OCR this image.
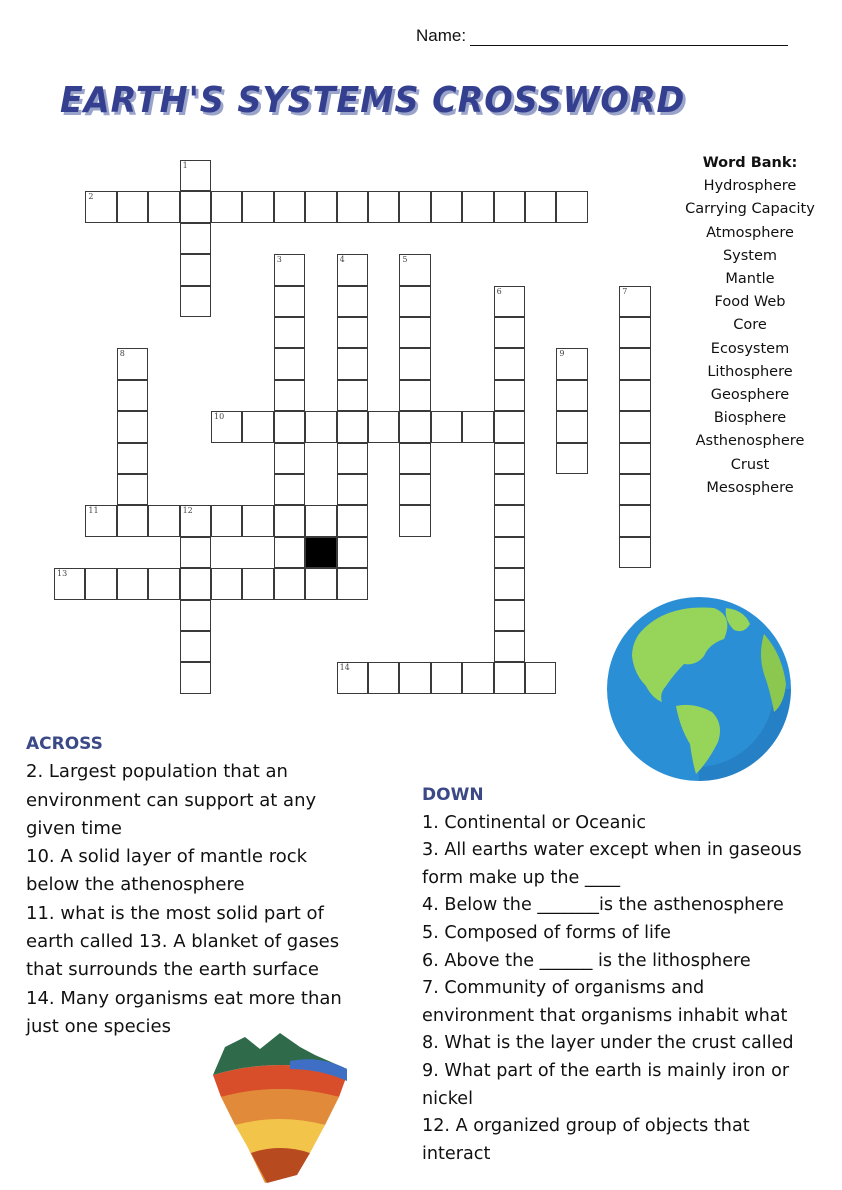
Name:
EARTH'S SYSTEMS CROSSWORD
1
2
3	4	5
6	7
8	9
10
11	12
13
14
Word Bank:
Hydrosphere
Carrying Capacity
Atmosphere
System
Mantle
Food Web
Core
Ecosystem
Lithosphere
Geosphere
Biosphere
Asthenosphere
Crust
Mesosphere
ACROSS
2. Largest population that an
environment can support at any
given time
10. A solid layer of mantle rock
below the athenosphere
11. what is the most solid part of
earth called 13. A blanket of gases
that surrounds the earth surface
14. Many organisms eat more than
just one species
DOWN
1. Continental or Oceanic
3. All earths water except when in gaseous
form make up the ____
4. Below the _______is the asthenosphere
5. Composed of forms of life
6. Above the ______ is the lithosphere
7. Community of organisms and
environment that organisms inhabit what
8. What is the layer under the crust called
9. What part of the earth is mainly iron or
nickel
12. A organized group of objects that
interact
